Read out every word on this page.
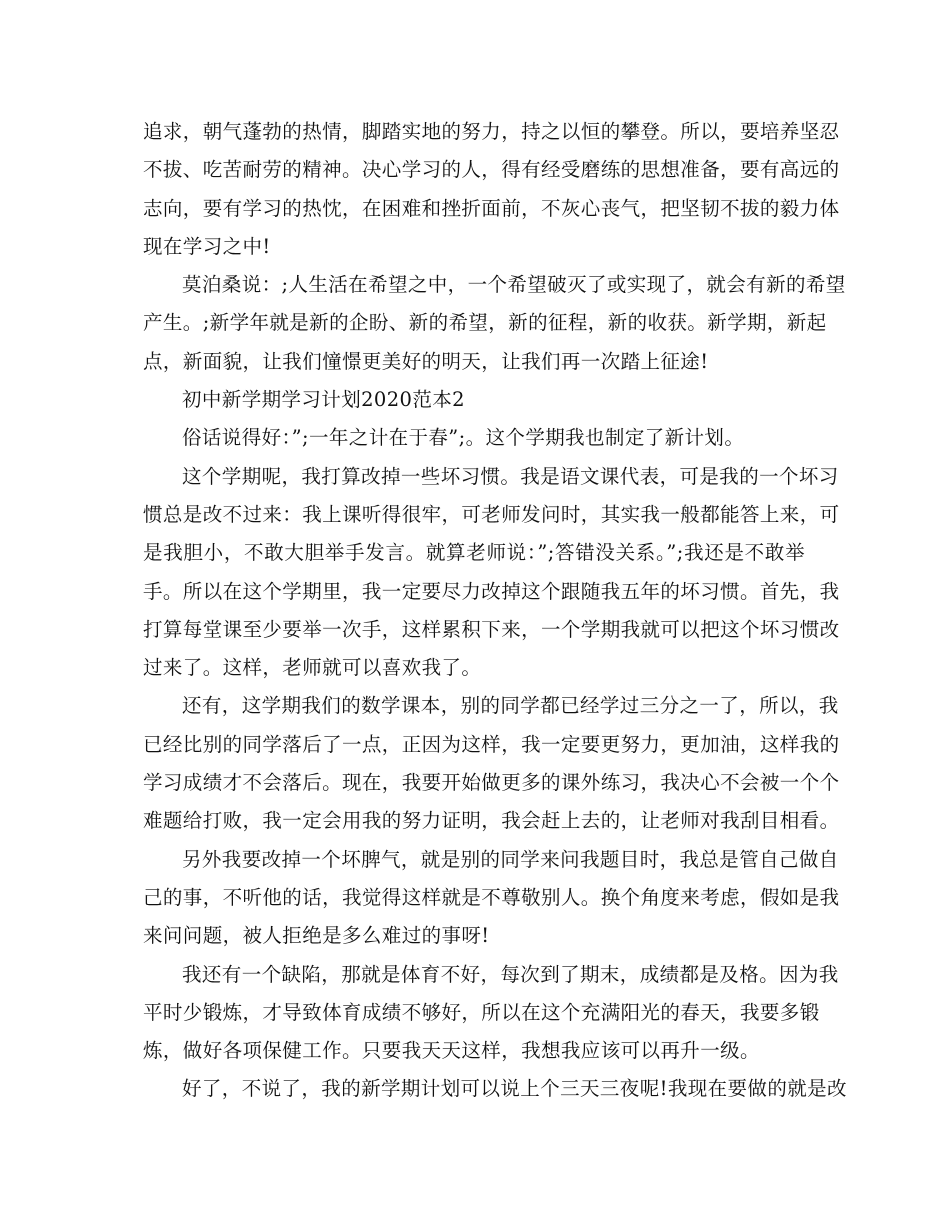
追求，朝气蓬勃的热情，脚踏实地的努力，持之以恒的攀登。所以，要培养坚忍
不拔、吃苦耐劳的精神。决心学习的人，得有经受磨练的思想准备，要有高远的
志向，要有学习的热忱，在困难和挫折面前，不灰心丧气，把坚韧不拔的毅力体
现在学习之中!
莫泊桑说：;人生活在希望之中，一个希望破灭了或实现了，就会有新的希望
产生。;新学年就是新的企盼、新的希望，新的征程，新的收获。新学期，新起
点，新面貌，让我们憧憬更美好的明天，让我们再一次踏上征途!
初中新学期学习计划2020范本2
俗话说得好：”;一年之计在于春”;。这个学期我也制定了新计划。
这个学期呢，我打算改掉一些坏习惯。我是语文课代表，可是我的一个坏习
惯总是改不过来：我上课听得很牢，可老师发问时，其实我一般都能答上来，可
是我胆小，不敢大胆举手发言。就算老师说：”;答错没关系。”;我还是不敢举
手。所以在这个学期里，我一定要尽力改掉这个跟随我五年的坏习惯。首先，我
打算每堂课至少要举一次手，这样累积下来，一个学期我就可以把这个坏习惯改
过来了。这样，老师就可以喜欢我了。
还有，这学期我们的数学课本，别的同学都已经学过三分之一了，所以，我
已经比别的同学落后了一点，正因为这样，我一定要更努力，更加油，这样我的
学习成绩才不会落后。现在，我要开始做更多的课外练习，我决心不会被一个个
难题给打败，我一定会用我的努力证明，我会赶上去的，让老师对我刮目相看。
另外我要改掉一个坏脾气，就是别的同学来问我题目时，我总是管自己做自
己的事，不听他的话，我觉得这样就是不尊敬别人。换个角度来考虑，假如是我
来问问题，被人拒绝是多么难过的事呀!
我还有一个缺陷，那就是体育不好，每次到了期末，成绩都是及格。因为我
平时少锻炼，才导致体育成绩不够好，所以在这个充满阳光的春天，我要多锻
炼，做好各项保健工作。只要我天天这样，我想我应该可以再升一级。
好了，不说了，我的新学期计划可以说上个三天三夜呢!我现在要做的就是改
